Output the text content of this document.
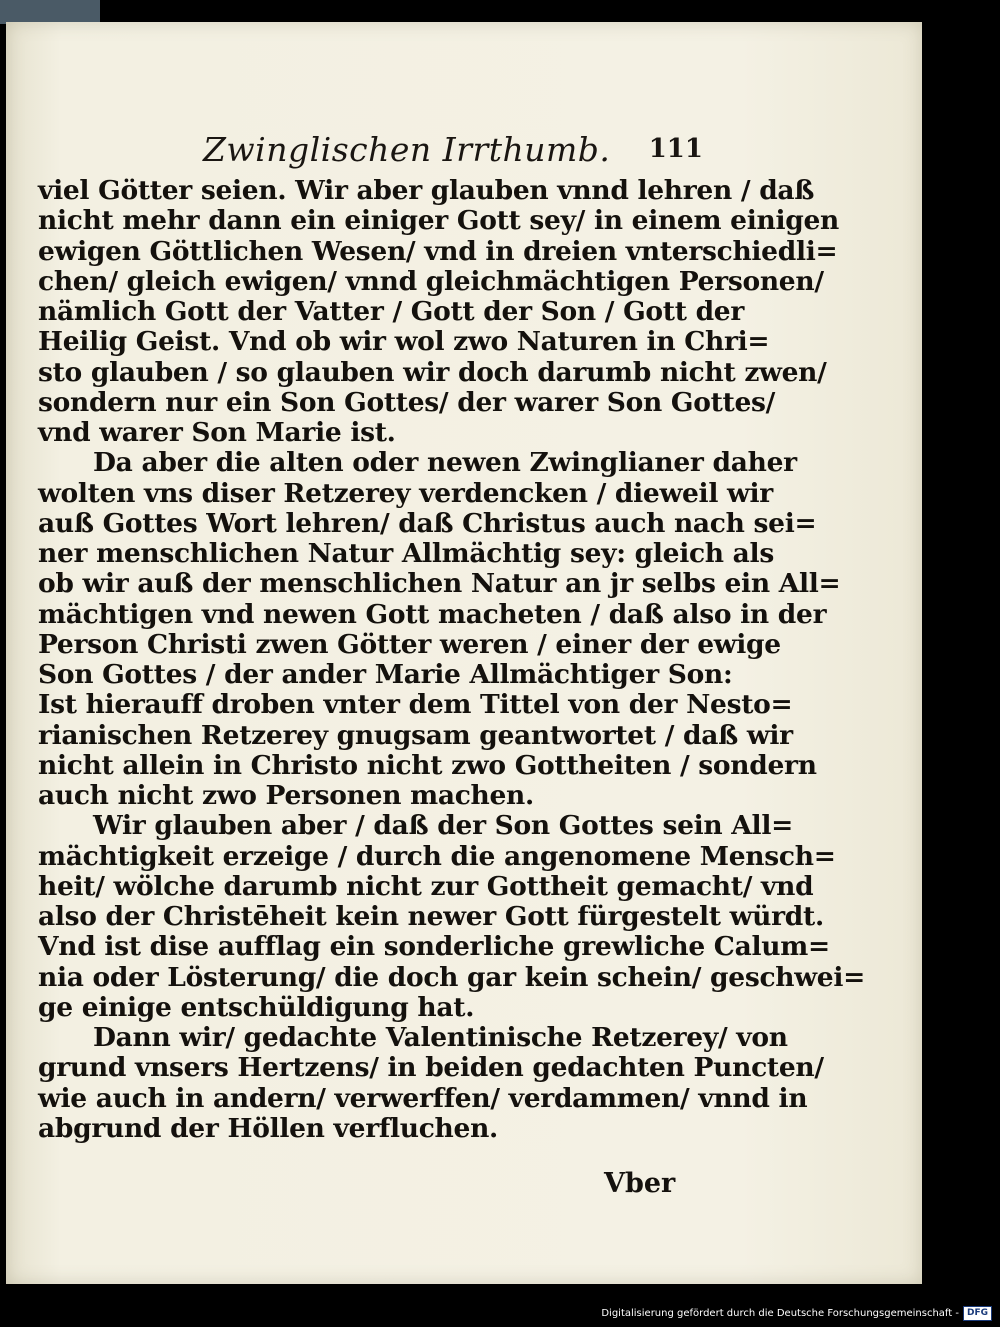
Zwinglischen Irrthumb. 111
viel Götter seien. Wir aber glauben vnnd lehren / daß
nicht mehr dann ein einiger Gott sey/ in einem einigen
ewigen Göttlichen Wesen/ vnd in dreien vnterschiedli=
chen/ gleich ewigen/ vnnd gleichmächtigen Personen/
nämlich Gott der Vatter / Gott der Son / Gott der
Heilig Geist. Vnd ob wir wol zwo Naturen in Chri=
sto glauben / so glauben wir doch darumb nicht zwen/
sondern nur ein Son Gottes/ der warer Son Gottes/
vnd warer Son Marie ist.
Da aber die alten oder newen Zwinglianer daher
wolten vns diser Retzerey verdencken / dieweil wir
auß Gottes Wort lehren/ daß Christus auch nach sei=
ner menschlichen Natur Allmächtig sey: gleich als
ob wir auß der menschlichen Natur an jr selbs ein All=
mächtigen vnd newen Gott macheten / daß also in der
Person Christi zwen Götter weren / einer der ewige
Son Gottes / der ander Marie Allmächtiger Son:
Ist hierauff droben vnter dem Tittel von der Nesto=
rianischen Retzerey gnugsam geantwortet / daß wir
nicht allein in Christo nicht zwo Gottheiten / sondern
auch nicht zwo Personen machen.
Wir glauben aber / daß der Son Gottes sein All=
mächtigkeit erzeige / durch die angenomene Mensch=
heit/ wölche darumb nicht zur Gottheit gemacht/ vnd
also der Christēheit kein newer Gott fürgestelt würdt.
Vnd ist dise aufflag ein sonderliche grewliche Calum=
nia oder Lösterung/ die doch gar kein schein/ geschwei=
ge einige entschüldigung hat.
Dann wir/ gedachte Valentinische Retzerey/ von
grund vnsers Hertzens/ in beiden gedachten Puncten/
wie auch in andern/ verwerffen/ verdammen/ vnnd in
abgrund der Höllen verfluchen.
Vber
Digitalisierung gefördert durch die Deutsche Forschungsgemeinschaft - DFG
